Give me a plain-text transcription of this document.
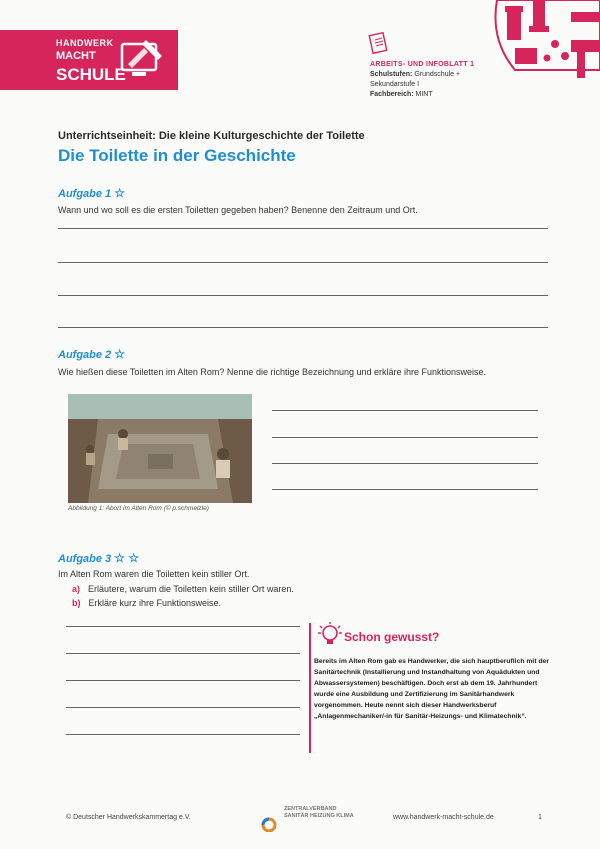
HANDWERK
MACHT
SCHULE
ARBEITS- UND INFOBLATT 1
Schulstufen: Grundschule + Sekundarstufe I
Fachbereich: MINT
Unterrichtseinheit: Die kleine Kulturgeschichte der Toilette
Die Toilette in der Geschichte
Aufgabe 1 ☆
Wann und wo soll es die ersten Toiletten gegeben haben? Benenne den Zeitraum und Ort.
Aufgabe 2 ☆
Wie hießen diese Toiletten im Alten Rom? Nenne die richtige Bezeichnung und erkläre ihre Funktionsweise.
Abbildung 1: Abort im Alten Rom (© p.schmelzle)
Aufgabe 3 ☆ ☆
Im Alten Rom waren die Toiletten kein stiller Ort.
a) Erläutere, warum die Toiletten kein stiller Ort waren.
b) Erkläre kurz ihre Funktionsweise.
Schon gewusst?
Bereits im Alten Rom gab es Handwerker, die sich hauptberuflich mit der Sanitärtechnik (Installierung und Instandhaltung von Aquädukten und Abwassersystemen) beschäftigen. Doch erst ab dem 19. Jahrhundert wurde eine Ausbildung und Zertifizierung im Sanitärhandwerk vorgenommen. Heute nennt sich dieser Handwerksberuf „Anlagenmechaniker/-in für Sanitär-Heizungs- und Klimatechnik“.
© Deutscher Handwerkskammertag e.V.
ZENTRALVERBAND SANITÄR HEIZUNG KLIMA	www.handwerk-macht-schule.de	1
